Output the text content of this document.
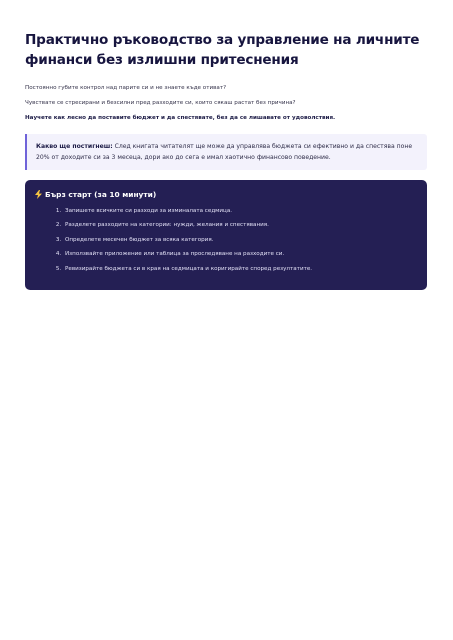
Практично ръководство за управление на личните финанси без излишни притеснения

Постоянно губите контрол над парите си и не знаете къде отиват?

Чувствате се стресирани и безсилни пред разходите си, които сякаш растат без причина?

Научете как лесно да поставите бюджет и да спестявате, без да се лишавате от удоволствия.

Какво ще постигнеш: След книгата читателят ще може да управлява бюджета си ефективно и да спестява поне 20% от доходите си за 3 месеца, дори ако до сега е имал хаотично финансово поведение.
Бърз старт (за 10 минути)
1. Запишете всичките си разходи за изминалата седмица.
2. Разделете разходите на категории: нужди, желания и спестявания.
3. Определете месечен бюджет за всяка категория.
4. Използвайте приложение или таблица за проследяване на разходите си.
5. Ревизирайте бюджета си в края на седмицата и коригирайте според резултатите.
